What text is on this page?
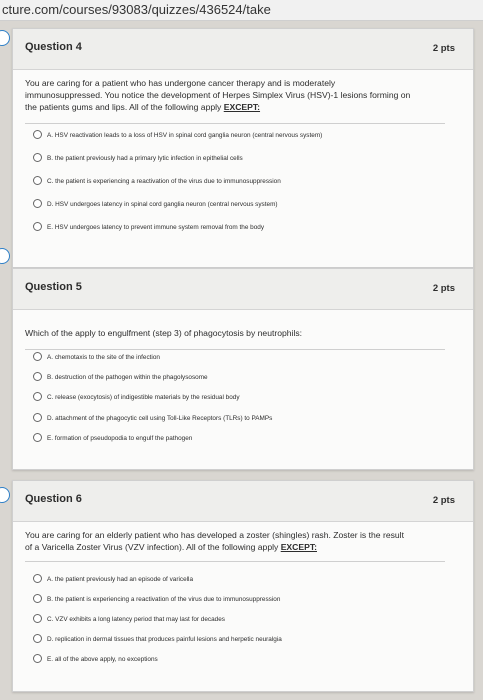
cture.com/courses/93083/quizzes/436524/take
Question 4	2 pts
You are caring for a patient who has undergone cancer therapy and is moderately
immunosuppressed. You notice the development of Herpes Simplex Virus (HSV)-1 lesions forming on
the patients gums and lips. All of the following apply EXCEPT:
A. HSV reactivation leads to a loss of HSV in spinal cord ganglia neuron (central nervous system)
B. the patient previously had a primary lytic infection in epithelial cells
C. the patient is experiencing a reactivation of the virus due to immunosuppression
D. HSV undergoes latency in spinal cord ganglia neuron (central nervous system)
E. HSV undergoes latency to prevent immune system removal from the body
Question 5	2 pts
Which of the apply to engulfment (step 3) of phagocytosis by neutrophils:
A. chemotaxis to the site of the infection
B. destruction of the pathogen within the phagolysosome
C. release (exocytosis) of indigestible materials by the residual body
D. attachment of the phagocytic cell using Toll-Like Receptors (TLRs) to PAMPs
E. formation of pseudopodia to engulf the pathogen
Question 6	2 pts
You are caring for an elderly patient who has developed a zoster (shingles) rash. Zoster is the result
of a Varicella Zoster Virus (VZV infection). All of the following apply EXCEPT:
A. the patient previously had an episode of varicella
B. the patient is experiencing a reactivation of the virus due to immunosuppression
C. VZV exhibits a long latency period that may last for decades
D. replication in dermal tissues that produces painful lesions and herpetic neuralgia
E. all of the above apply, no exceptions
